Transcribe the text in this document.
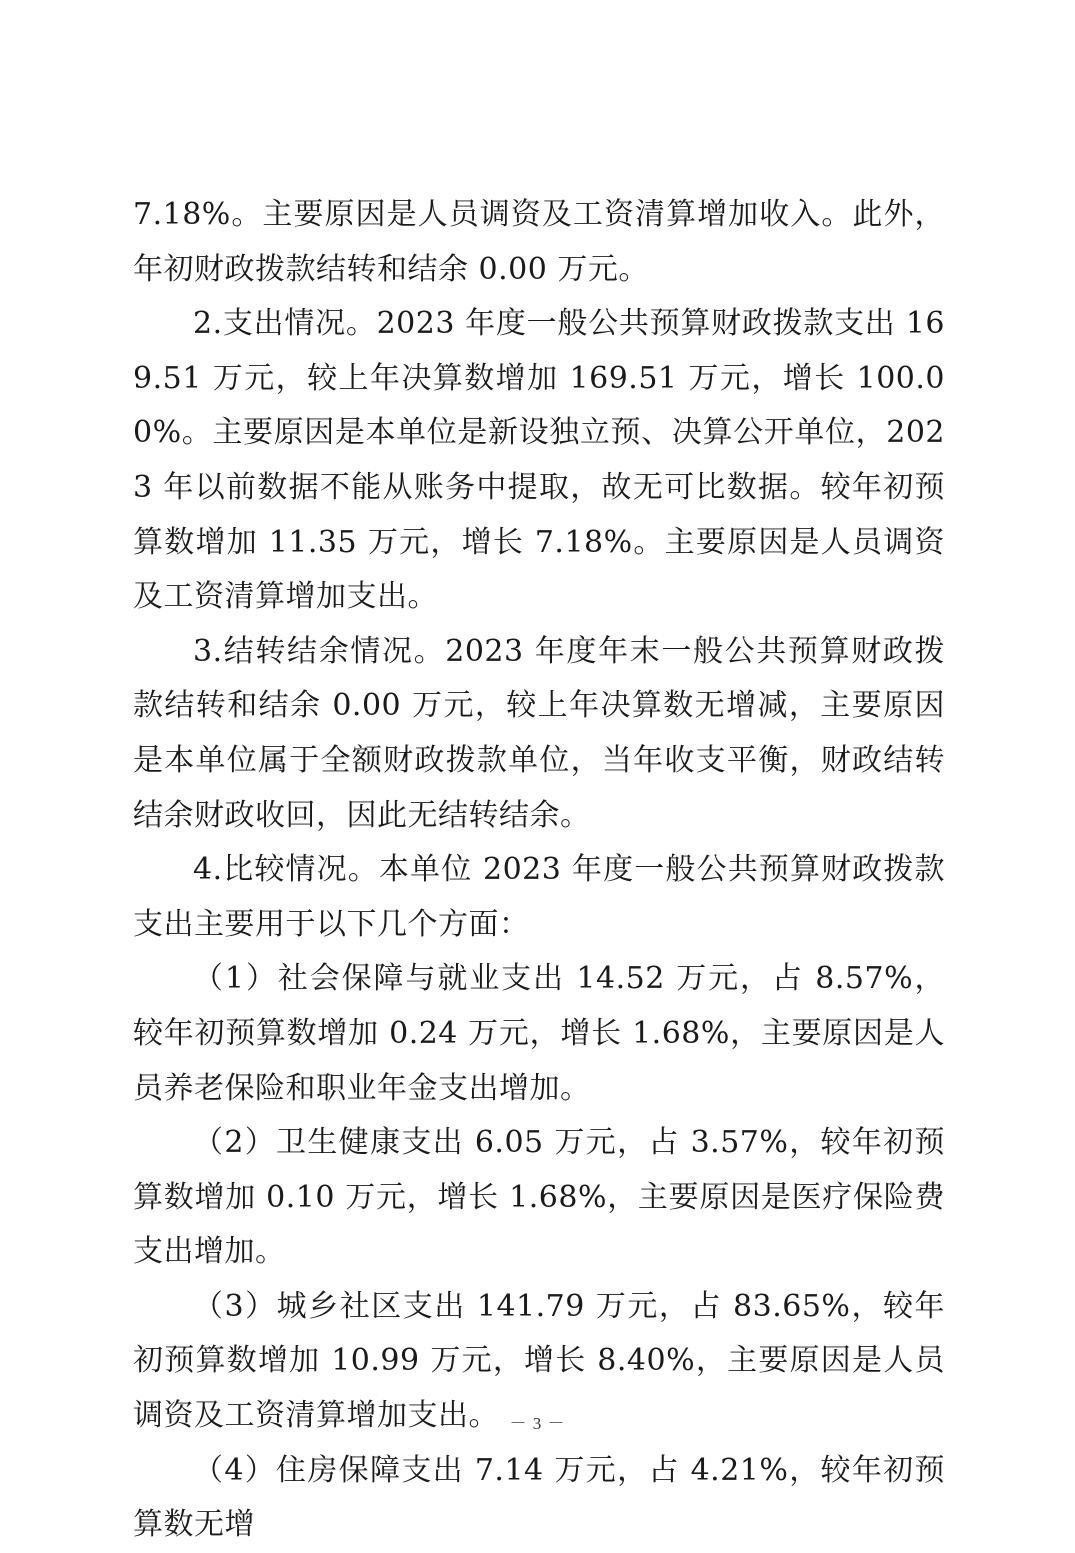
7.18%。主要原因是人员调资及工资清算增加收入。此外，年初财政拨款结转和结余 0.00 万元。

2.支出情况。2023 年度一般公共预算财政拨款支出 169.51 万元，较上年决算数增加 169.51 万元，增长 100.00%。主要原因是本单位是新设独立预、决算公开单位，2023 年以前数据不能从账务中提取，故无可比数据。较年初预算数增加 11.35 万元，增长 7.18%。主要原因是人员调资及工资清算增加支出。

3.结转结余情况。2023 年度年末一般公共预算财政拨款结转和结余 0.00 万元，较上年决算数无增减，主要原因是本单位属于全额财政拨款单位，当年收支平衡，财政结转结余财政收回，因此无结转结余。

4.比较情况。本单位 2023 年度一般公共预算财政拨款支出主要用于以下几个方面：

（1）社会保障与就业支出 14.52 万元，占 8.57%，较年初预算数增加 0.24 万元，增长 1.68%，主要原因是人员养老保险和职业年金支出增加。

（2）卫生健康支出 6.05 万元，占 3.57%，较年初预算数增加 0.10 万元，增长 1.68%，主要原因是医疗保险费支出增加。

（3）城乡社区支出 141.79 万元，占 83.65%，较年初预算数增加 10.99 万元，增长 8.40%，主要原因是人员调资及工资清算增加支出。

（4）住房保障支出 7.14 万元，占 4.21%，较年初预算数无增

－ 3 －
